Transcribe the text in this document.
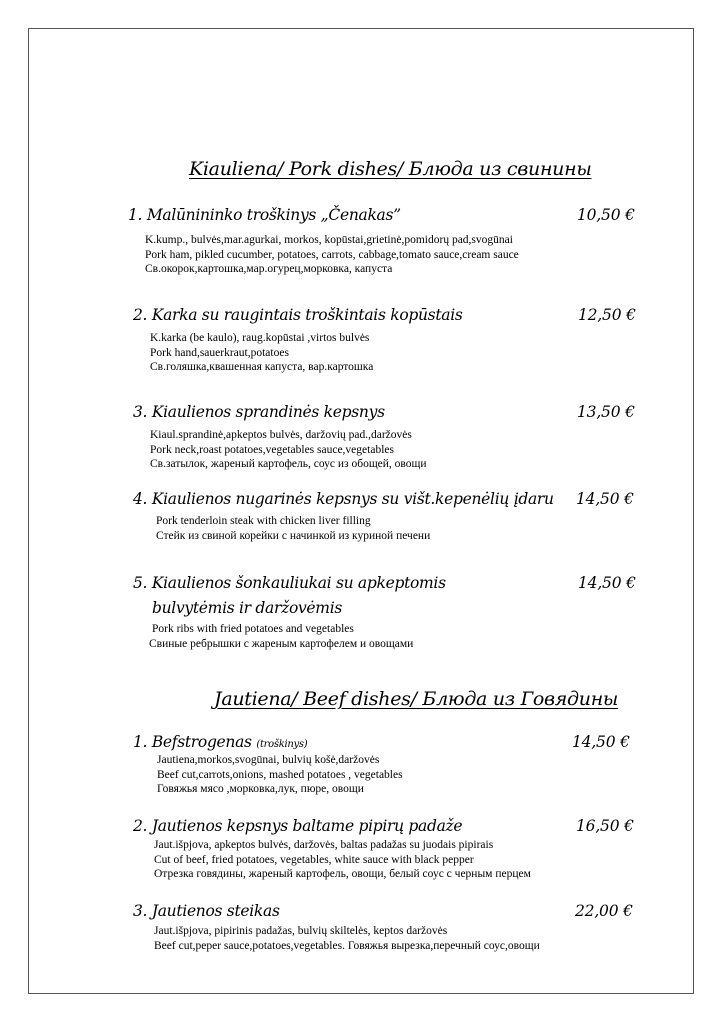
Kiauliena/ Pork dishes/ Блюда из свинины
1. Malūnininko troškinys „Čenakas”	10,50 €
K.kump., bulvės,mar.agurkai, morkos, kopūstai,grietinė,pomidorų pad,svogūnai
Pork ham, pikled cucumber, potatoes, carrots, cabbage,tomato sauce,cream sauce
Св.окорок,картошка,мар.огурец,морковка, капуста
2. Karka su raugintais troškintais kopūstais	12,50 €
K.karka (be kaulo), raug.kopūstai ,virtos bulvės
Pork hand,sauerkraut,potatoes
Св.голяшка,квашенная капуста, вар.картошка
3. Kiaulienos sprandinės kepsnys	13,50 €
Kiaul.sprandinė,apkeptos bulvės, daržovių pad.,daržovės
Pork neck,roast potatoes,vegetables sauce,vegetables
Св.затылок, жареный картофель, соус из обощей, овощи
4. Kiaulienos nugarinės kepsnys su višt.kepenėlių įdaru 14,50 €
Pork tenderloin steak with chicken liver filling
Стейк из свиной корейки с начинкой из куриной печени
5. Kiaulienos šonkauliukai su apkeptomis
bulvytėmis ir daržovėmis
14,50 €
Pork ribs with fried potatoes and vegetables
Свиные ребрышки с жареным картофелем и овощами
Jautiena/ Beef dishes/ Блюда из Говядины
1. Befstrogenas (troškinys)	14,50 €
Jautiena,morkos,svogūnai, bulvių košė,daržovės
Beef cut,carrots,onions, mashed potatoes , vegetables
Говяжья мясо ,морковка,лук, пюре, овощи
2. Jautienos kepsnys baltame pipirų padaže	16,50 €
Jaut.išpjova, apkeptos bulvės, daržovės, baltas padažas su juodais pipirais
Cut of beef, fried potatoes, vegetables, white sauce with black pepper
Отрезка говядины, жареный картофель, овощи, белый соус с черным перцем
3. Jautienos steikas	22,00 €
Jaut.išpjova, pipirinis padažas, bulvių skiltelės, keptos daržovės
Beef cut,peper sauce,potatoes,vegetables. Говяжья вырезка,перечный соус,овощи
